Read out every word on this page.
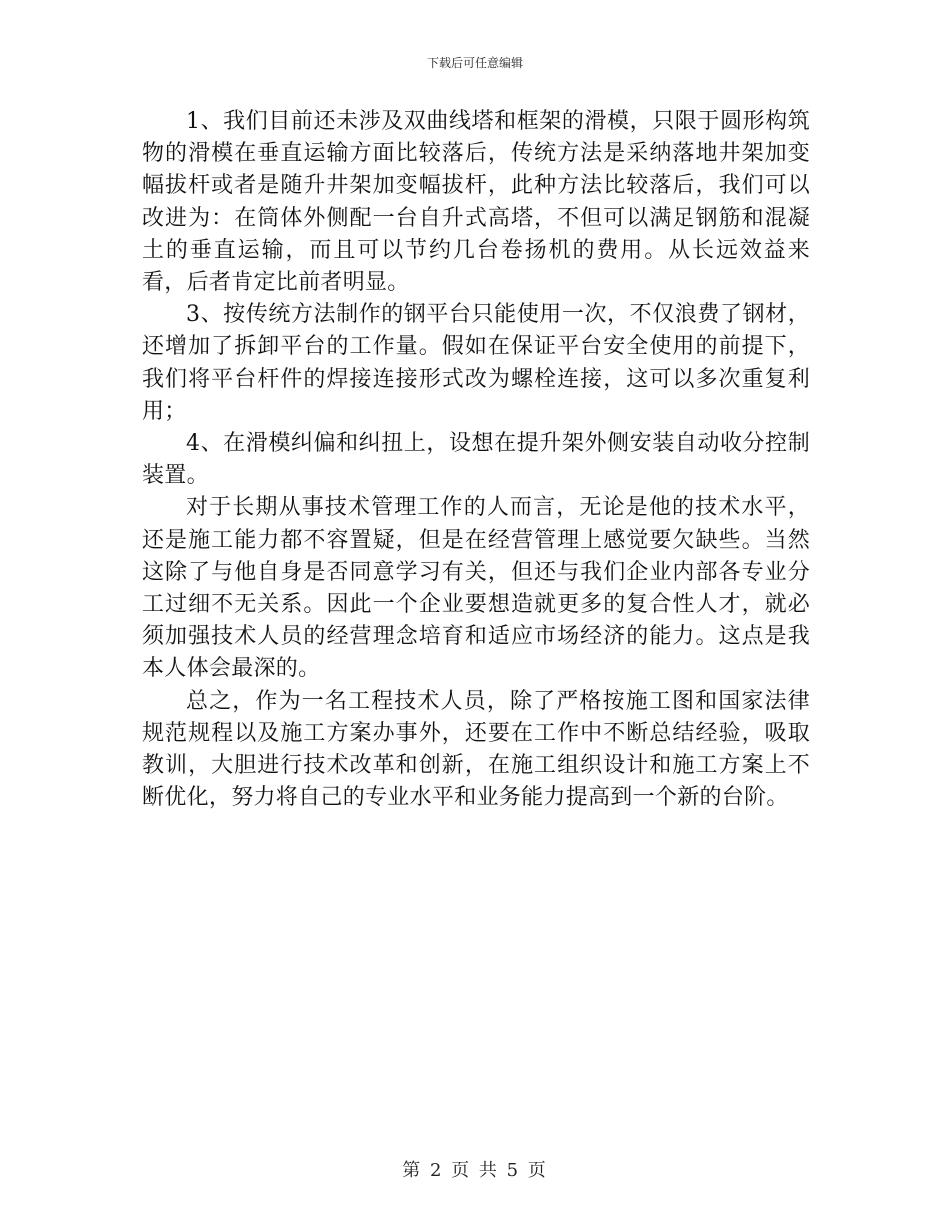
下载后可任意编辑

1、我们目前还未涉及双曲线塔和框架的滑模，只限于圆形构筑物的滑模在垂直运输方面比较落后，传统方法是采纳落地井架加变幅拔杆或者是随升井架加变幅拔杆，此种方法比较落后，我们可以改进为：在筒体外侧配一台自升式高塔，不但可以满足钢筋和混凝土的垂直运输，而且可以节约几台卷扬机的费用。从长远效益来看，后者肯定比前者明显。

3、按传统方法制作的钢平台只能使用一次，不仅浪费了钢材，还增加了拆卸平台的工作量。假如在保证平台安全使用的前提下，我们将平台杆件的焊接连接形式改为螺栓连接，这可以多次重复利用；

4、在滑模纠偏和纠扭上，设想在提升架外侧安装自动收分控制装置。

对于长期从事技术管理工作的人而言，无论是他的技术水平，还是施工能力都不容置疑，但是在经营管理上感觉要欠缺些。当然这除了与他自身是否同意学习有关，但还与我们企业内部各专业分工过细不无关系。因此一个企业要想造就更多的复合性人才，就必须加强技术人员的经营理念培育和适应市场经济的能力。这点是我本人体会最深的。

总之，作为一名工程技术人员，除了严格按施工图和国家法律规范规程以及施工方案办事外，还要在工作中不断总结经验，吸取教训，大胆进行技术改革和创新，在施工组织设计和施工方案上不断优化，努力将自己的专业水平和业务能力提高到一个新的台阶。

第 2 页 共 5 页
